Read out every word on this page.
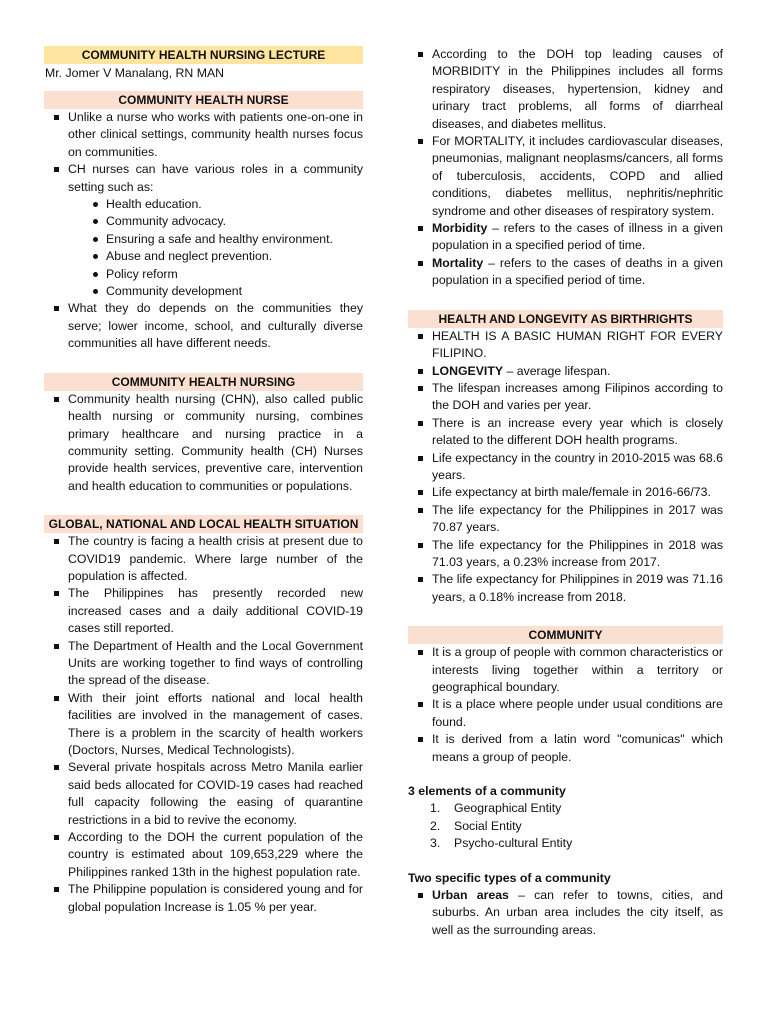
COMMUNITY HEALTH NURSING LECTURE
Mr. Jomer V Manalang, RN MAN
COMMUNITY HEALTH NURSE
Unlike a nurse who works with patients one-on-one in other clinical settings, community health nurses focus on communities.
CH nurses can have various roles in a community setting such as:
Health education.
Community advocacy.
Ensuring a safe and healthy environment.
Abuse and neglect prevention.
Policy reform
Community development
What they do depends on the communities they serve; lower income, school, and culturally diverse communities all have different needs.
COMMUNITY HEALTH NURSING
Community health nursing (CHN), also called public health nursing or community nursing, combines primary healthcare and nursing practice in a community setting. Community health (CH) Nurses provide health services, preventive care, intervention and health education to communities or populations.
GLOBAL, NATIONAL AND LOCAL HEALTH SITUATION
The country is facing a health crisis at present due to COVID19 pandemic. Where large number of the population is affected.
The Philippines has presently recorded new increased cases and a daily additional COVID-19 cases still reported.
The Department of Health and the Local Government Units are working together to find ways of controlling the spread of the disease.
With their joint efforts national and local health facilities are involved in the management of cases. There is a problem in the scarcity of health workers (Doctors, Nurses, Medical Technologists).
Several private hospitals across Metro Manila earlier said beds allocated for COVID-19 cases had reached full capacity following the easing of quarantine restrictions in a bid to revive the economy.
According to the DOH the current population of the country is estimated about 109,653,229 where the Philippines ranked 13th in the highest population rate.
The Philippine population is considered young and for global population Increase is 1.05 % per year.
According to the DOH top leading causes of MORBIDITY in the Philippines includes all forms respiratory diseases, hypertension, kidney and urinary tract problems, all forms of diarrheal diseases, and diabetes mellitus.
For MORTALITY, it includes cardiovascular diseases, pneumonias, malignant neoplasms/cancers, all forms of tuberculosis, accidents, COPD and allied conditions, diabetes mellitus, nephritis/nephritic syndrome and other diseases of respiratory system.
Morbidity – refers to the cases of illness in a given population in a specified period of time.
Mortality – refers to the cases of deaths in a given population in a specified period of time.
HEALTH AND LONGEVITY AS BIRTHRIGHTS
HEALTH IS A BASIC HUMAN RIGHT FOR EVERY FILIPINO.
LONGEVITY – average lifespan.
The lifespan increases among Filipinos according to the DOH and varies per year.
There is an increase every year which is closely related to the different DOH health programs.
Life expectancy in the country in 2010-2015 was 68.6 years.
Life expectancy at birth male/female in 2016-66/73.
The life expectancy for the Philippines in 2017 was 70.87 years.
The life expectancy for the Philippines in 2018 was 71.03 years, a 0.23% increase from 2017.
The life expectancy for Philippines in 2019 was 71.16 years, a 0.18% increase from 2018.
COMMUNITY
It is a group of people with common characteristics or interests living together within a territory or geographical boundary.
It is a place where people under usual conditions are found.
It is derived from a latin word "comunicas" which means a group of people.
3 elements of a community
1.	Geographical Entity
2.	Social Entity
3.	Psycho-cultural Entity
Two specific types of a community
Urban areas – can refer to towns, cities, and suburbs. An urban area includes the city itself, as well as the surrounding areas.
